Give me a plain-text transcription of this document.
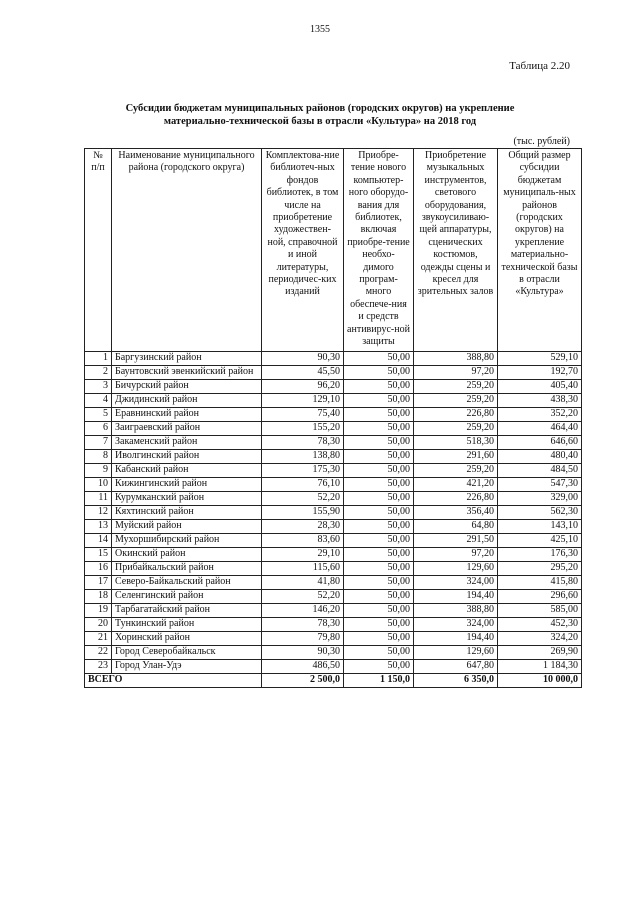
1355
Таблица 2.20
Субсидии бюджетам муниципальных районов (городских округов) на укрепление
материально-технической базы в отрасли «Культура» на 2018 год
(тыс. рублей)
№ п/п	Наименование муниципального района (городского округа)	Комплектова-ние библиотеч-ных фондов библиотек, в том числе на приобретение художествен-ной, справочной и иной литературы, периодичес-ких изданий	Приобре-тение нового компьютер-ного оборудо-вания для библиотек, включая приобре-тение необхо-димого програм-много обеспече-ния и средств антивирус-ной защиты	Приобретение музыкальных инструментов, светового оборудования, звукоусиливаю-щей аппаратуры, сценических костюмов, одежды сцены и кресел для зрительных залов	Общий размер субсидии бюджетам муниципаль-ных районов (городских округов) на укрепление материально-технической базы в отрасли «Культура»
1	Баргузинский район	90,30	50,00	388,80	529,10
2	Баунтовский эвенкийский район	45,50	50,00	97,20	192,70
3	Бичурский район	96,20	50,00	259,20	405,40
4	Джидинский район	129,10	50,00	259,20	438,30
5	Еравнинский район	75,40	50,00	226,80	352,20
6	Заиграевский район	155,20	50,00	259,20	464,40
7	Закаменский район	78,30	50,00	518,30	646,60
8	Иволгинский район	138,80	50,00	291,60	480,40
9	Кабанский район	175,30	50,00	259,20	484,50
10	Кижингинский район	76,10	50,00	421,20	547,30
11	Курумканский район	52,20	50,00	226,80	329,00
12	Кяхтинский район	155,90	50,00	356,40	562,30
13	Муйский район	28,30	50,00	64,80	143,10
14	Мухоршибирский район	83,60	50,00	291,50	425,10
15	Окинский район	29,10	50,00	97,20	176,30
16	Прибайкальский район	115,60	50,00	129,60	295,20
17	Северо-Байкальский район	41,80	50,00	324,00	415,80
18	Селенгинский район	52,20	50,00	194,40	296,60
19	Тарбагатайский район	146,20	50,00	388,80	585,00
20	Тункинский район	78,30	50,00	324,00	452,30
21	Хоринский район	79,80	50,00	194,40	324,20
22	Город Северобайкальск	90,30	50,00	129,60	269,90
23	Город Улан-Удэ	486,50	50,00	647,80	1 184,30
ВСЕГО		2 500,0	1 150,0	6 350,0	10 000,0
